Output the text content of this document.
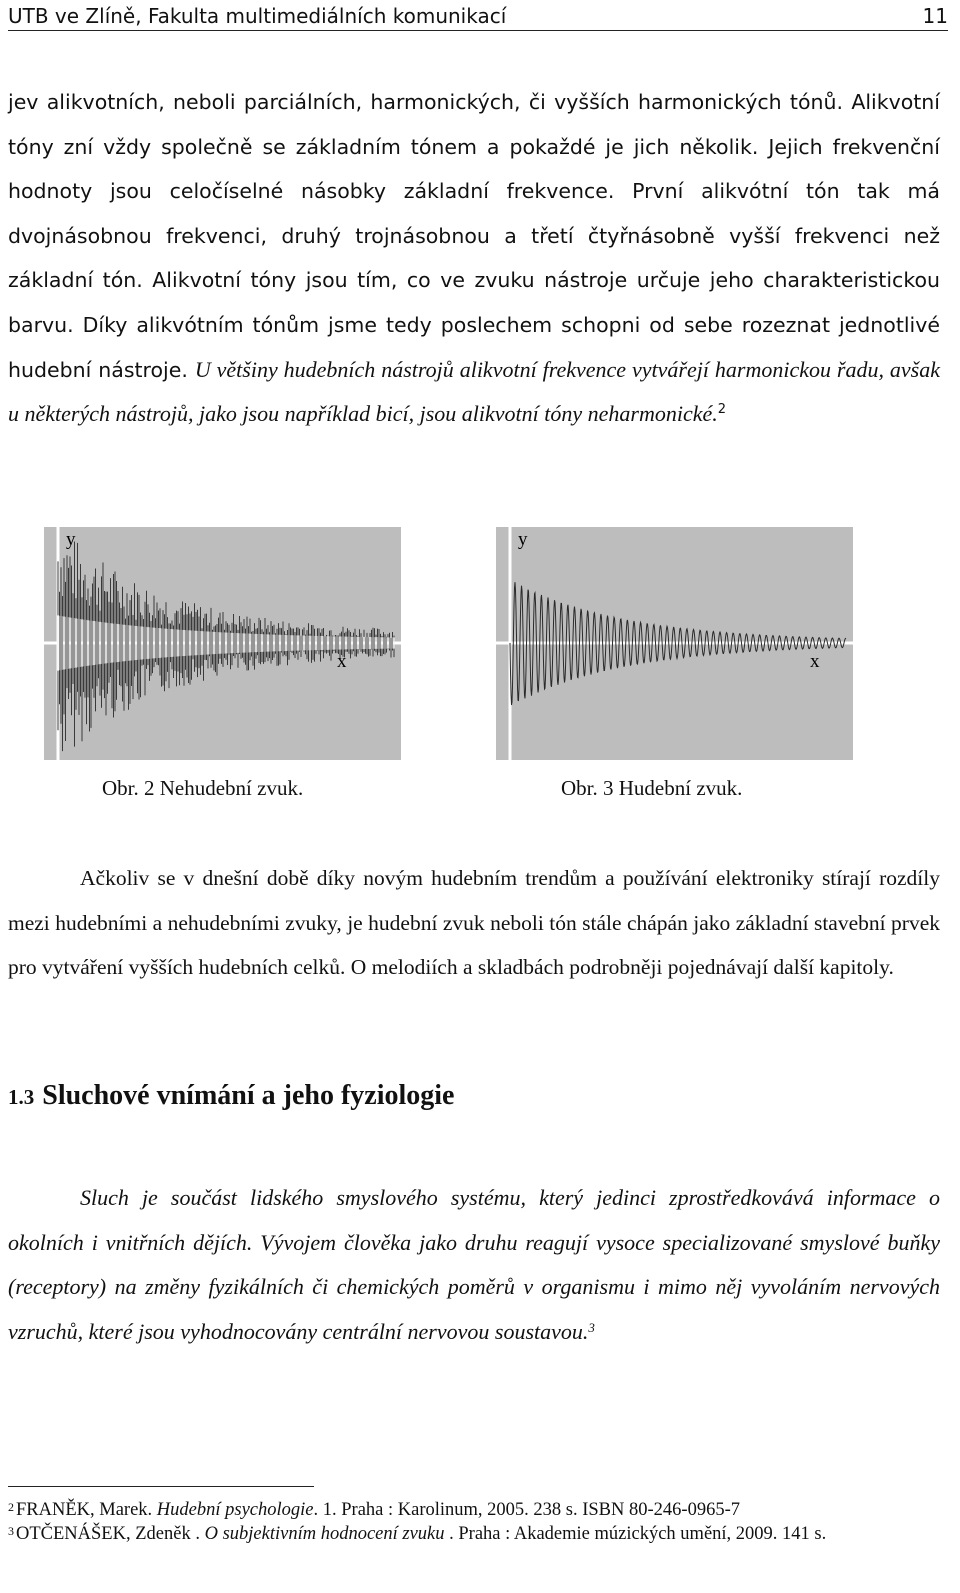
UTB ve Zlíně, Fakulta multimediálních komunikací	11
jev alikvotních, neboli parciálních, harmonických, či vyšších harmonických tónů. Alikvotní tóny zní vždy společně se základním tónem a pokaždé je jich několik. Jejich frekvenční hodnoty jsou celočíselné násobky základní frekvence. První alikvótní tón tak má dvojnásobnou frekvenci, druhý trojnásobnou a třetí čtyřnásobně vyšší frekvenci než základní tón. Alikvotní tóny jsou tím, co ve zvuku nástroje určuje jeho charakteristickou barvu. Díky alikvótním tónům jsme tedy poslechem schopni od sebe rozeznat jednotlivé hudební nástroje. U většiny hudebních nástrojů alikvotní frekvence vytvářejí harmonickou řadu, avšak u některých nástrojů, jako jsou například bicí, jsou alikvotní tóny neharmonické.$^2$
y
x
Obr. 2 Nehudební zvuk.
y
x
Obr. 3 Hudební zvuk.
Ačkoliv se v dnešní době díky novým hudebním trendům a používání elektroniky stírají rozdíly mezi hudebními a nehudebními zvuky, je hudební zvuk neboli tón stále chápán jako základní stavební prvek pro vytváření vyšších hudebních celků. O melodiích a skladbách podrobněji pojednávají další kapitoly.
1.3 Sluchové vnímání a jeho fyziologie
Sluch je součást lidského smyslového systému, který jedinci zprostředkovává informace o okolních i vnitřních dějích. Vývojem člověka jako druhu reagují vysoce specializované smyslové buňky (receptory) na změny fyzikálních či chemických poměrů v organismu i mimo něj vyvoláním nervových vzruchů, které jsou vyhodnocovány centrální nervovou soustavou.$^3$
$^2$ FRANĚK, Marek. Hudební psychologie. 1. Praha : Karolinum, 2005. 238 s. ISBN 80-246-0965-7
$^3$ OTČENÁŠEK, Zdeněk . O subjektivním hodnocení zvuku . Praha : Akademie múzických umění, 2009. 141 s.
